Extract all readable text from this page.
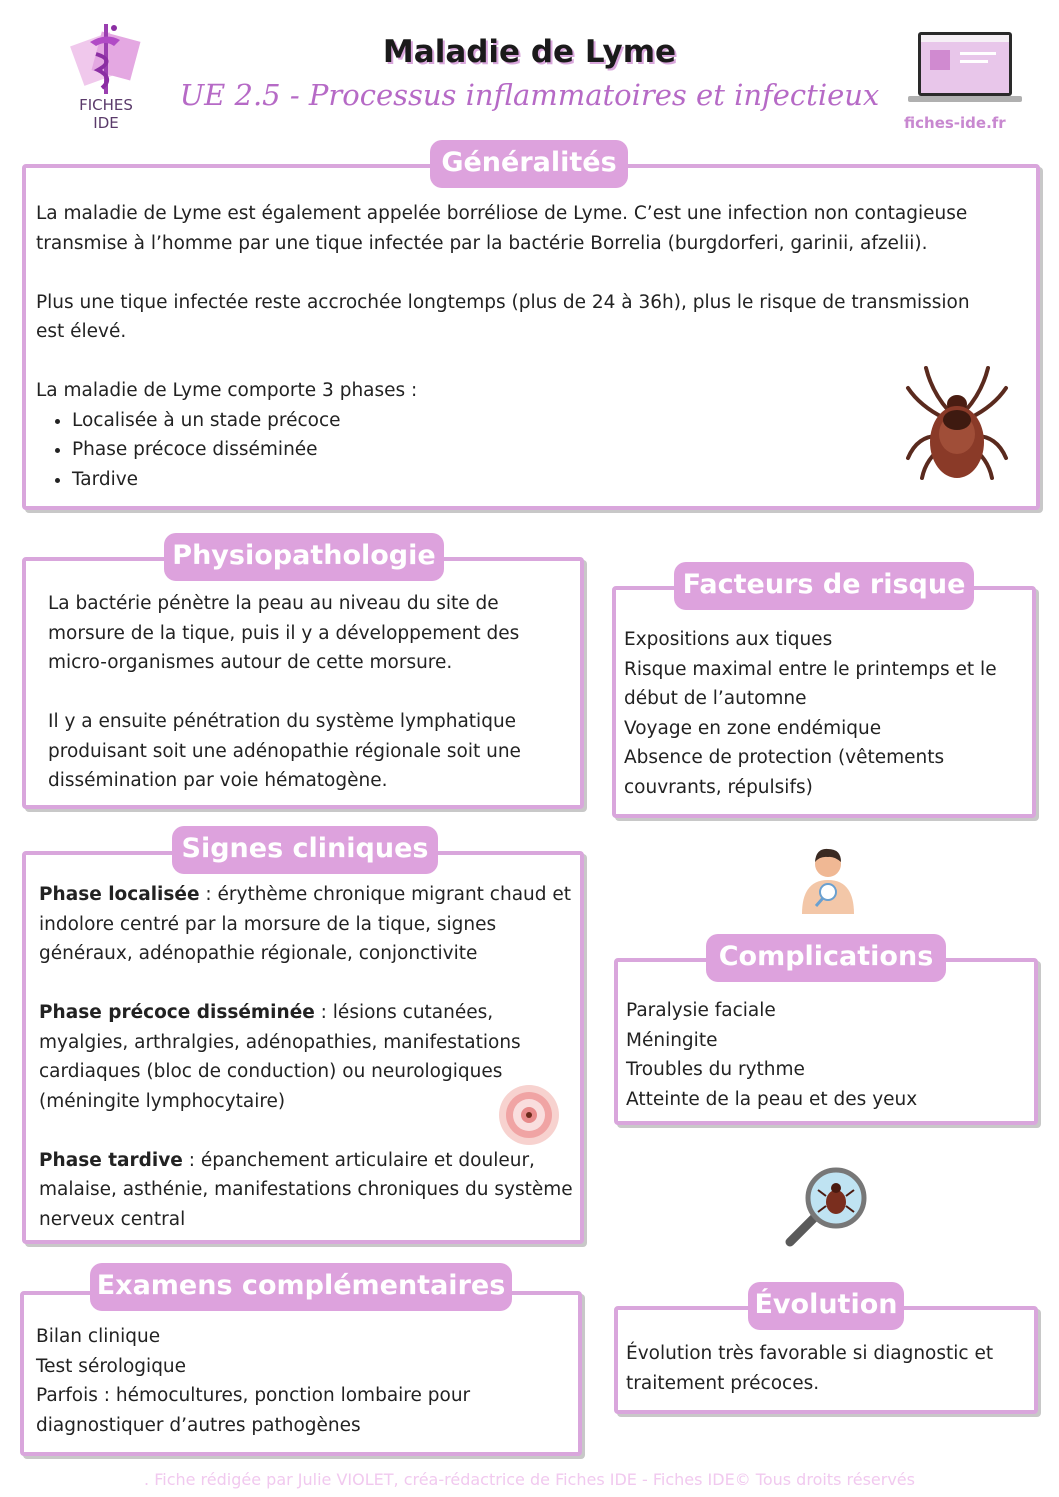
FICHES
IDE
Maladie de Lyme
UE 2.5 - Processus inflammatoires et infectieux
fiches-ide.fr
Généralités

La maladie de Lyme est également appelée borréliose de Lyme. C’est une infection non contagieuse transmise à l’homme par une tique infectée par la bactérie Borrelia (burgdorferi, garinii, afzelii).

Plus une tique infectée reste accrochée longtemps (plus de 24 à 36h), plus le risque de transmission est élevé.

La maladie de Lyme comporte 3 phases :

• Localisée à un stade précoce
• Phase précoce disséminée
• Tardive
Physiopathologie

La bactérie pénètre la peau au niveau du site de morsure de la tique, puis il y a développement des micro-organismes autour de cette morsure.

Il y a ensuite pénétration du système lymphatique produisant soit une adénopathie régionale soit une dissémination par voie hématogène.

Facteurs de risque

Expositions aux tiques

Risque maximal entre le printemps et le début de l’automne

Voyage en zone endémique

Absence de protection (vêtements couvrants, répulsifs)

Signes cliniques

Phase localisée : érythème chronique migrant chaud et indolore centré par la morsure de la tique, signes généraux, adénopathie régionale, conjonctivite

Phase précoce disséminée : lésions cutanées, myalgies, arthralgies, adénopathies, manifestations cardiaques (bloc de conduction) ou neurologiques (méningite lymphocytaire)

Phase tardive : épanchement articulaire et douleur, malaise, asthénie, manifestations chroniques du système nerveux central

Complications

Paralysie faciale

Méningite

Troubles du rythme

Atteinte de la peau et des yeux

Examens complémentaires

Bilan clinique

Test sérologique

Parfois : hémocultures, ponction lombaire pour diagnostiquer d’autres pathogènes

Évolution
Évolution très favorable si diagnostic et traitement précoces.
. Fiche rédigée par Julie VIOLET, créa-rédactrice de Fiches IDE - Fiches IDE© Tous droits réservés
